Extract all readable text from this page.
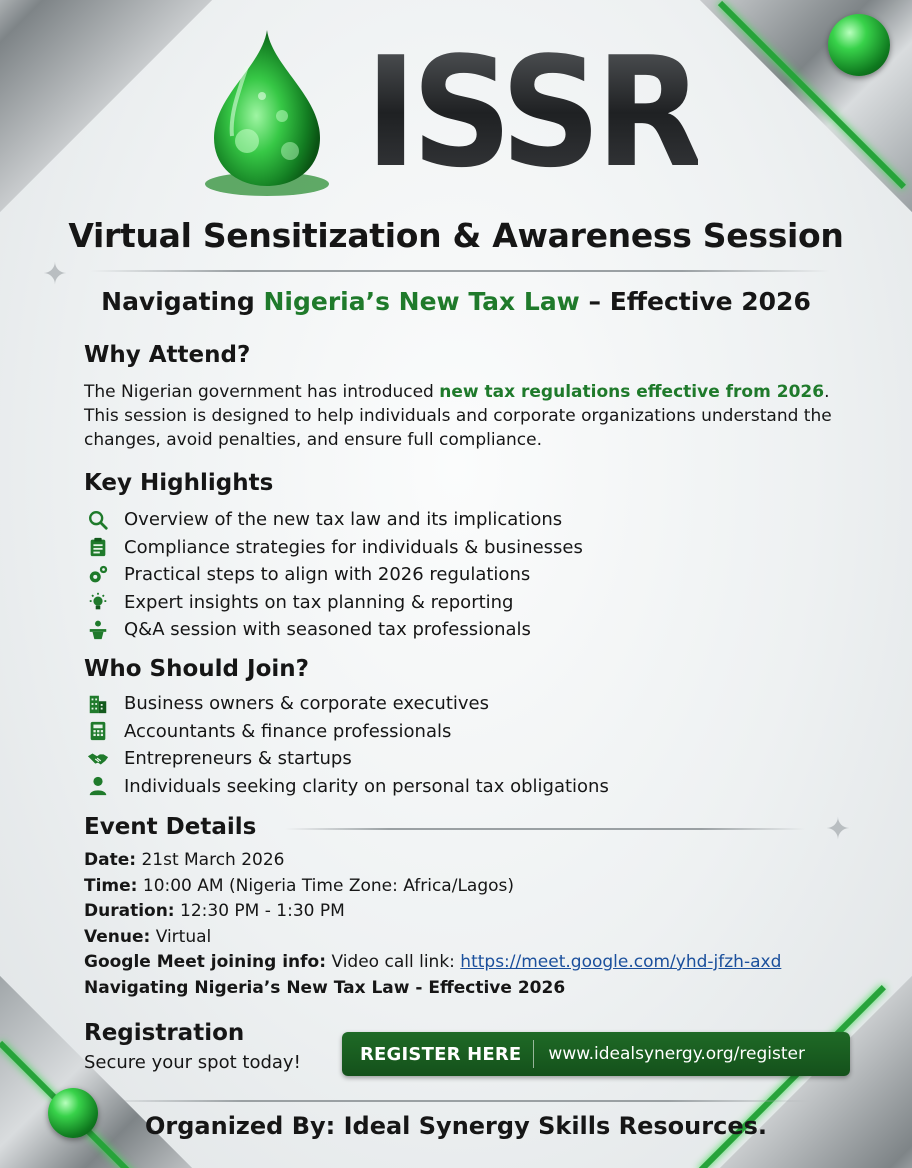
✦
✦
ISSR
Virtual Sensitization & Awareness Session
Navigating Nigeria’s New Tax Law – Effective 2026
Why Attend?
The Nigerian government has introduced new tax regulations effective from 2026. This session is designed to help individuals and corporate organizations understand the changes, avoid penalties, and ensure full compliance.
Key Highlights
Overview of the new tax law and its implications
Compliance strategies for individuals & businesses
Practical steps to align with 2026 regulations
Expert insights on tax planning & reporting
Q&A session with seasoned tax professionals
Who Should Join?
Business owners & corporate executives
Accountants & finance professionals
Entrepreneurs & startups
Individuals seeking clarity on personal tax obligations
Event Details
Date: 21st March 2026
Time: 10:00 AM (Nigeria Time Zone: Africa/Lagos)
Duration: 12:30 PM - 1:30 PM
Venue: Virtual
Google Meet joining info: Video call link: https://meet.google.com/yhd-jfzh-axd
Navigating Nigeria’s New Tax Law - Effective 2026
Registration
Secure your spot today!	REGISTER HERE	www.idealsynergy.org/register
Organized By: Ideal Synergy Skills Resources.
